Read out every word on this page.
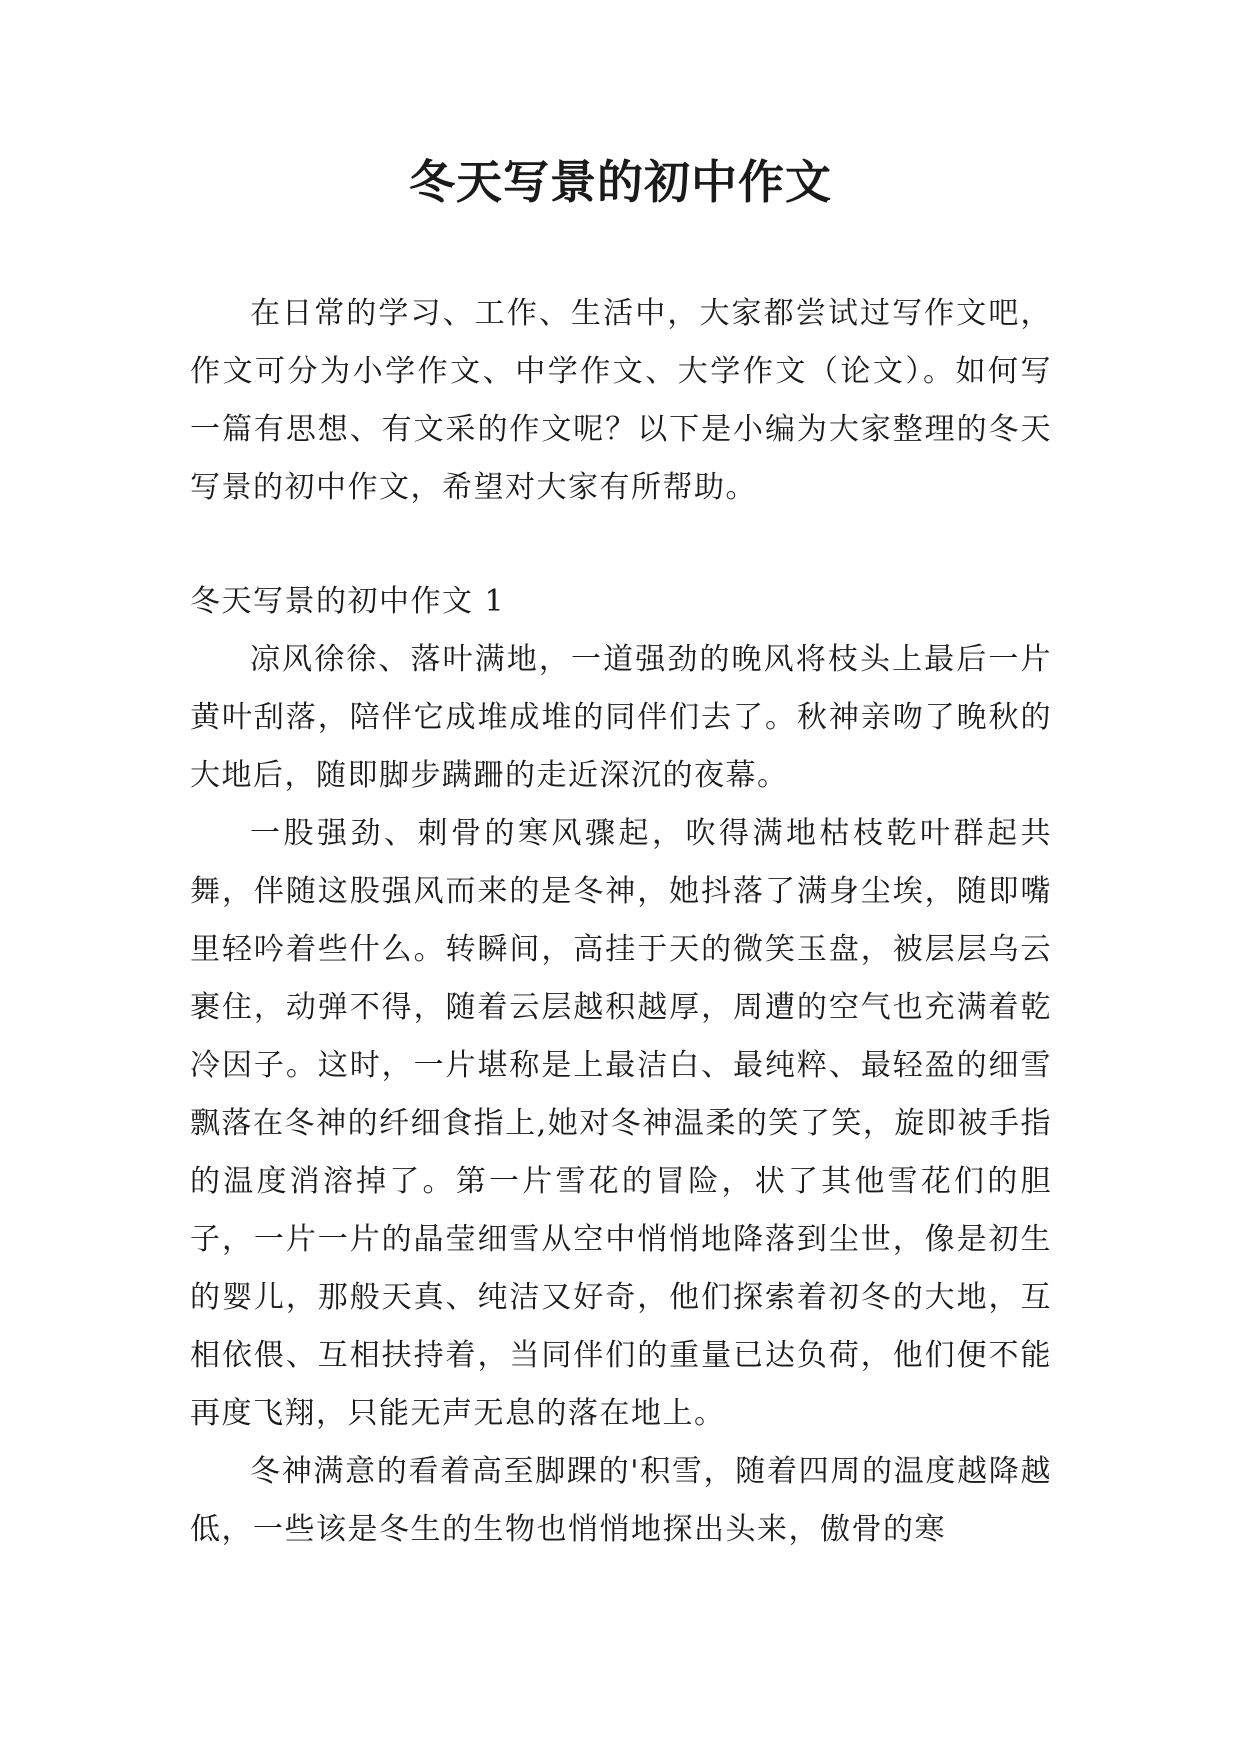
冬天写景的初中作文

在日常的学习、工作、生活中，大家都尝试过写作文吧，作文可分为小学作文、中学作文、大学作文（论文）。如何写一篇有思想、有文采的作文呢？以下是小编为大家整理的冬天写景的初中作文，希望对大家有所帮助。

冬天写景的初中作文 1

凉风徐徐、落叶满地，一道强劲的晚风将枝头上最后一片黄叶刮落，陪伴它成堆成堆的同伴们去了。秋神亲吻了晚秋的大地后，随即脚步蹒跚的走近深沉的夜幕。

一股强劲、刺骨的寒风骤起，吹得满地枯枝乾叶群起共舞，伴随这股强风而来的是冬神，她抖落了满身尘埃，随即嘴里轻吟着些什么。转瞬间，高挂于天的微笑玉盘，被层层乌云裹住，动弹不得，随着云层越积越厚，周遭的空气也充满着乾冷因子。这时，一片堪称是上最洁白、最纯粹、最轻盈的细雪飘落在冬神的纤细食指上,她对冬神温柔的笑了笑，旋即被手指的温度消溶掉了。第一片雪花的冒险，状了其他雪花们的胆子，一片一片的晶莹细雪从空中悄悄地降落到尘世，像是初生的婴儿，那般天真、纯洁又好奇，他们探索着初冬的大地，互相依偎、互相扶持着，当同伴们的重量已达负荷，他们便不能再度飞翔，只能无声无息的落在地上。

冬神满意的看着高至脚踝的'积雪，随着四周的温度越降越低，一些该是冬生的生物也悄悄地探出头来，傲骨的寒
